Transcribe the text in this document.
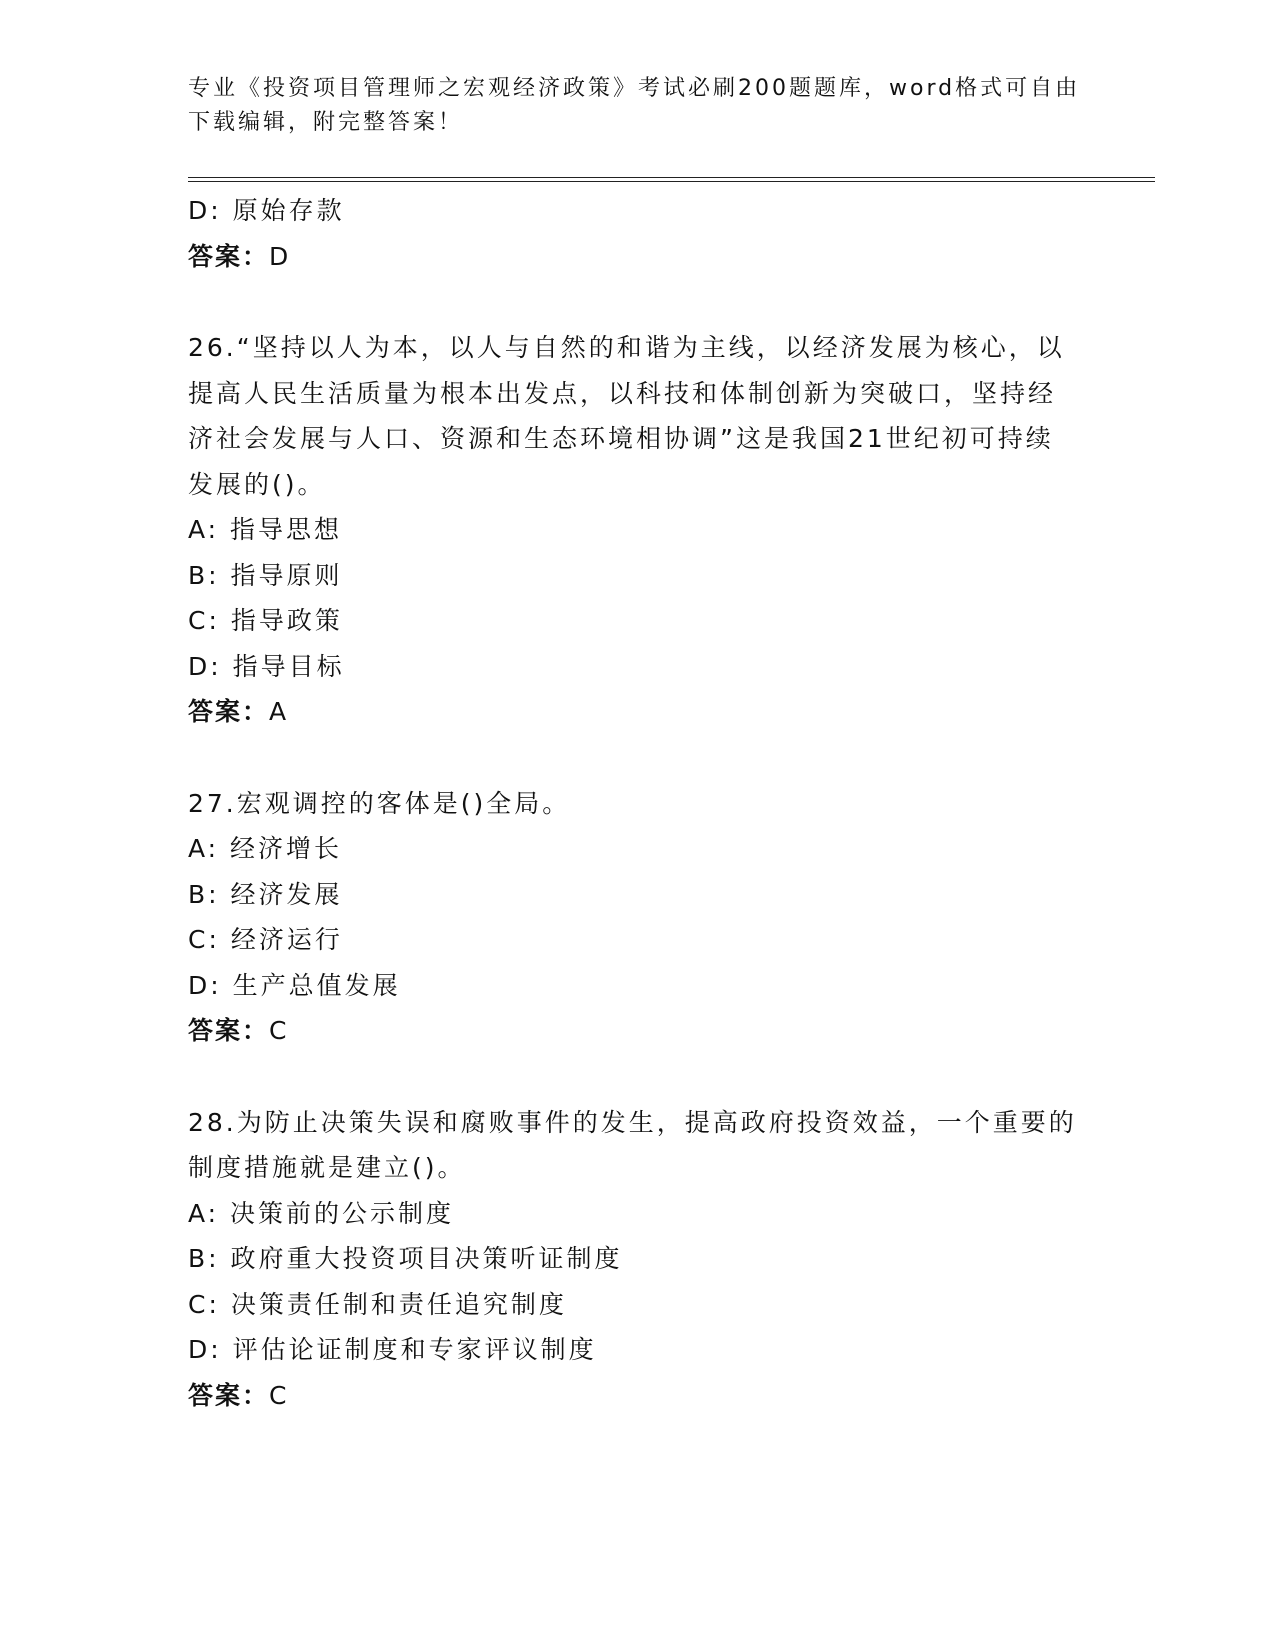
专业《投资项目管理师之宏观经济政策》考试必刷200题题库，word格式可自由下载编辑，附完整答案！
D: 原始存款
答案：D
26.“坚持以人为本，以人与自然的和谐为主线，以经济发展为核心，以提高人民生活质量为根本出发点，以科技和体制创新为突破口，坚持经济社会发展与人口、资源和生态环境相协调”这是我国21世纪初可持续发展的()。
A: 指导思想
B: 指导原则
C: 指导政策
D: 指导目标
答案：A
27.宏观调控的客体是()全局。
A: 经济增长
B: 经济发展
C: 经济运行
D: 生产总值发展
答案：C
28.为防止决策失误和腐败事件的发生，提高政府投资效益，一个重要的制度措施就是建立()。
A: 决策前的公示制度
B: 政府重大投资项目决策听证制度
C: 决策责任制和责任追究制度
D: 评估论证制度和专家评议制度
答案：C
